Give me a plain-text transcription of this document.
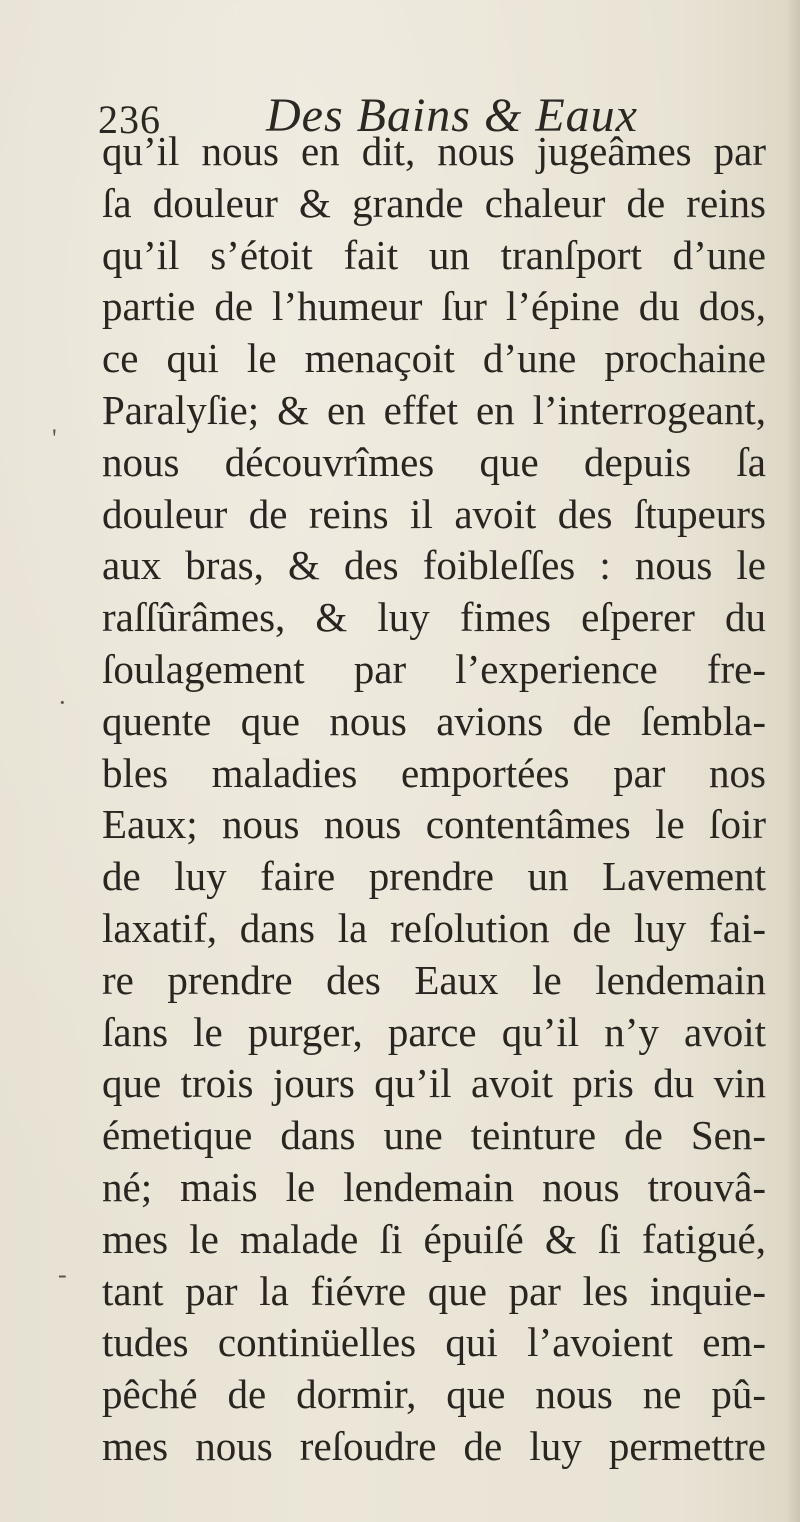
236 Des Bains & Eaux
qu’il nous en dit, nous jugeâmes par
ſa douleur & grande chaleur de reins
qu’il s’étoit fait un tranſport d’une
partie de l’humeur ſur l’épine du dos,
ce qui le menaçoit d’une prochaine
Paralyſie; & en effet en l’interrogeant,
nous découvrîmes que depuis ſa
douleur de reins il avoit des ſtupeurs
aux bras, & des foibleſſes : nous le
raſſûrâmes, & luy fimes eſperer du
ſoulagement par l’experience fre-
quente que nous avions de ſembla-
bles maladies emportées par nos
Eaux; nous nous contentâmes le ſoir
de luy faire prendre un Lavement
laxatif, dans la reſolution de luy fai-
re prendre des Eaux le lendemain
ſans le purger, parce qu’il n’y avoit
que trois jours qu’il avoit pris du vin
émetique dans une teinture de Sen-
né; mais le lendemain nous trouvâ-
mes le malade ſi épuiſé & ſi fatigué,
tant par la fiévre que par les inquie-
tudes continüelles qui l’avoient em-
pêché de dormir, que nous ne pû-
mes nous reſoudre de luy permettre
'
·
-
